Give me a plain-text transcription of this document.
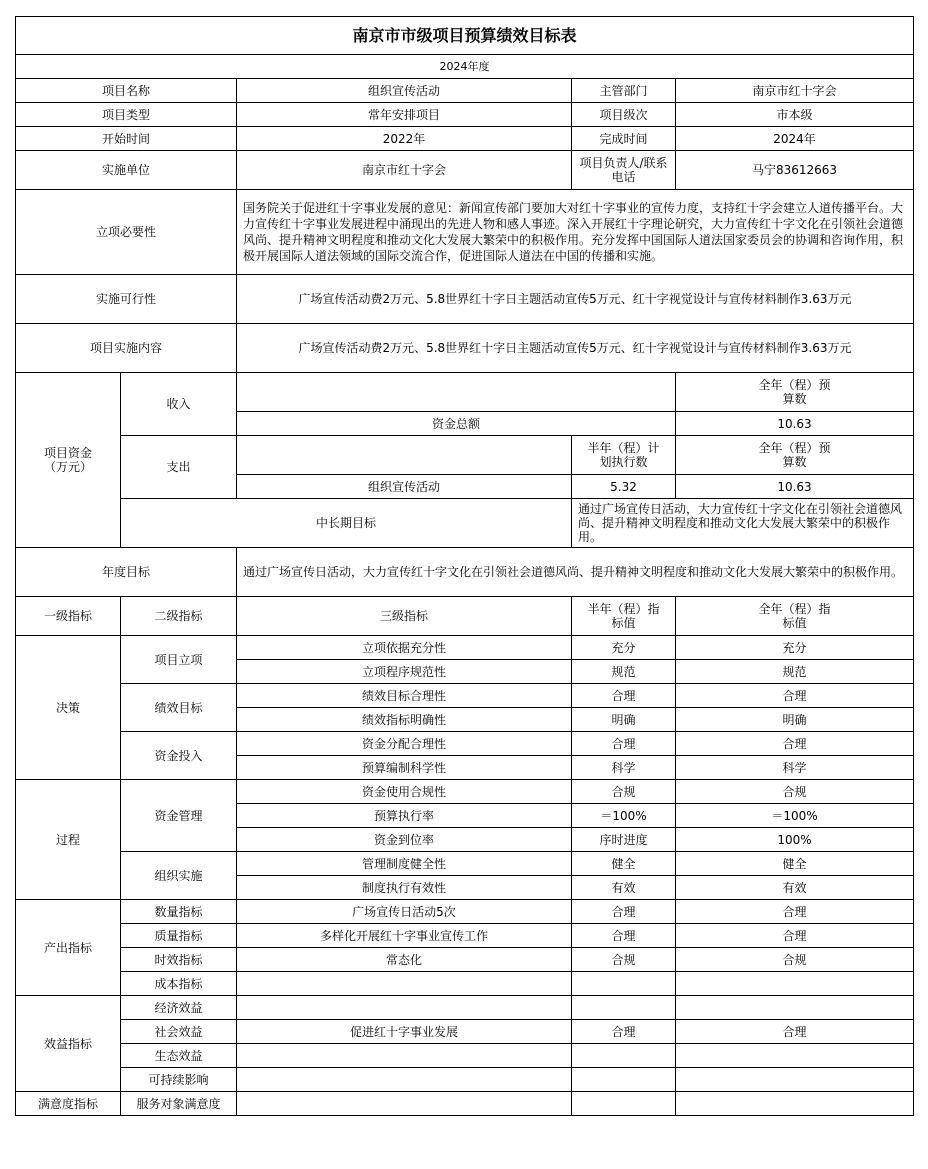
南京市市级项目预算绩效目标表				
2024年度				
项目名称		组织宣传活动	主管部门	南京市红十字会
项目类型		常年安排项目	项目级次	市本级
开始时间		2022年	完成时间	2024年
实施单位		南京市红十字会	项目负责人/联系电话	马宁83612663
立项必要性		国务院关于促进红十字事业发展的意见：新闻宣传部门要加大对红十字事业的宣传力度，支持红十字会建立人道传播平台。大力宣传红十字事业发展进程中涌现出的先进人物和感人事迹。深入开展红十字理论研究，大力宣传红十字文化在引领社会道德风尚、提升精神文明程度和推动文化大发展大繁荣中的积极作用。充分发挥中国国际人道法国家委员会的协调和咨询作用，积极开展国际人道法领域的国际交流合作，促进国际人道法在中国的传播和实施。		
实施可行性		广场宣传活动费2万元、5.8世界红十字日主题活动宣传5万元、红十字视觉设计与宣传材料制作3.63万元		
项目实施内容		广场宣传活动费2万元、5.8世界红十字日主题活动宣传5万元、红十字视觉设计与宣传材料制作3.63万元		
项目资金（万元）	收入			全年（程）预算数
		资金总额		10.63
	支出		半年（程）计划执行数	全年（程）预算数
		组织宣传活动	5.32	10.63
	中长期目标		通过广场宣传日活动，大力宣传红十字文化在引领社会道德风尚、提升精神文明程度和推动文化大发展大繁荣中的积极作用。	
年度目标		通过广场宣传日活动，大力宣传红十字文化在引领社会道德风尚、提升精神文明程度和推动文化大发展大繁荣中的积极作用。		
一级指标	二级指标	三级指标	半年（程）指标值	全年（程）指标值
决策	项目立项	立项依据充分性	充分	充分
		立项程序规范性	规范	规范
	绩效目标	绩效目标合理性	合理	合理
		绩效指标明确性	明确	明确
	资金投入	资金分配合理性	合理	合理
		预算编制科学性	科学	科学
过程	资金管理	资金使用合规性	合规	合规
		预算执行率	＝100%	＝100%
		资金到位率	序时进度	100%
	组织实施	管理制度健全性	健全	健全
		制度执行有效性	有效	有效
产出指标	数量指标	广场宣传日活动5次	合理	合理
	质量指标	多样化开展红十字事业宣传工作	合理	合理
	时效指标	常态化	合规	合规
	成本指标			
效益指标	经济效益			
	社会效益	促进红十字事业发展	合理	合理
	生态效益			
	可持续影响			
满意度指标	服务对象满意度			
